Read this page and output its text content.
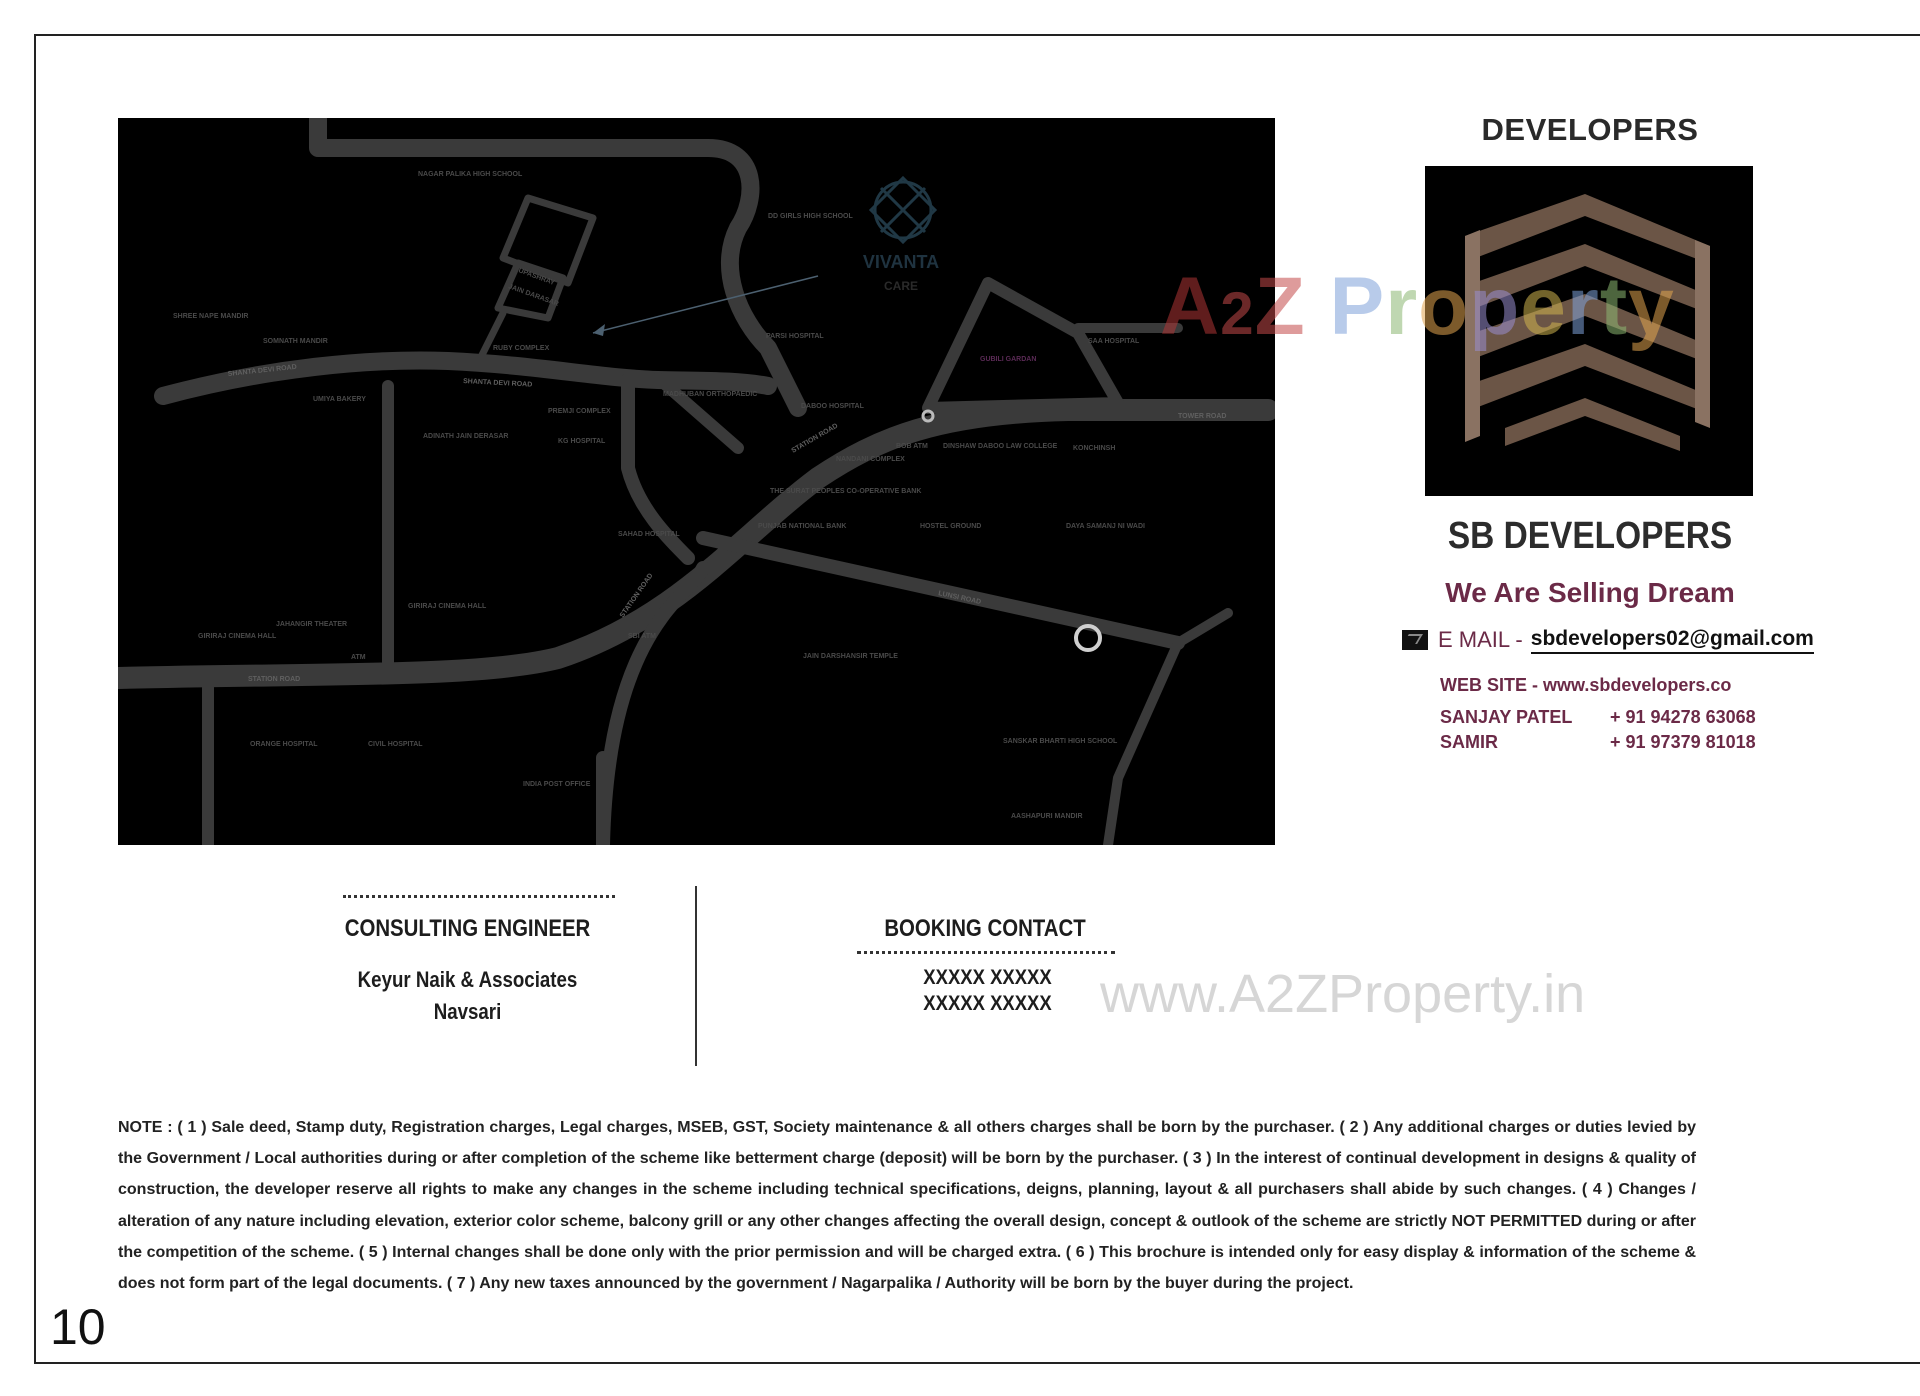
VIVANTA
CARE
SHANTA DEVI ROAD
SHANTA DEVI ROAD
STATION ROAD
STATION ROAD
STATION ROAD
TOWER ROAD
LUNSI ROAD
NAGAR PALIKA HIGH SCHOOL
DD GIRLS HIGH SCHOOL
UPASHRAY
JAIN DARASAR
SHREE NAPE MANDIR
SOMNATH MANDIR
RUBY COMPLEX
PARSI HOSPITAL
GUBILI GARDAN
SAA HOSPITAL
UMIYA BAKERY
PREMJI COMPLEX
MADHUBAN ORTHOPAEDIC
DABOO HOSPITAL
ADINATH JAIN DERASAR
KG HOSPITAL
BOB ATM DINSHAW DABOO LAW COLLEGE
NANDANI COMPLEX
KONCHINSH
THE SURAT PEOPLES CO-OPERATIVE BANK
PUNJAB NATIONAL BANK	HOSTEL GROUND	DAYA SAMANJ NI WADI
SAHAD HOSPITAL
GIRIRAJ CINEMA HALL
JAHANGIR THEATER
GIRIRAJ CINEMA HALL
ATM
SBI ATM
JAIN DARSHANSIR TEMPLE
ORANGE HOSPITAL	CIVIL HOSPITAL
INDIA POST OFFICE
SANSKAR BHARTI HIGH SCHOOL
AASHAPURI MANDIR
DEVELOPERS
SB DEVELOPERS
We Are Selling Dream
E MAIL - sbdevelopers02@gmail.com
WEB SITE - www.sbdevelopers.co
SANJAY PATEL + 91 94278 63068
SAMIR	+ 91 97379 81018
A2Z Property
www.A2ZProperty.in
CONSULTING ENGINEER
Keyur Naik & Associates
Navsari
BOOKING CONTACT
XXXXX XXXXX
XXXXX XXXXX
NOTE : ( 1 ) Sale deed, Stamp duty, Registration charges, Legal charges, MSEB, GST, Society maintenance & all others charges shall be born by the purchaser. ( 2 ) Any additional charges or duties levied by the Government / Local authorities during or after completion of the scheme like betterment charge (deposit) will be born by the purchaser. ( 3 ) In the interest of continual development in designs & quality of construction, the developer reserve all rights to make any changes in the scheme including technical specifications, deigns, planning, layout & all purchasers shall abide by such changes. ( 4 ) Changes / alteration of any nature including elevation, exterior color scheme, balcony grill or any other changes affecting the overall design, concept & outlook of the scheme are strictly NOT PERMITTED during or after the competition of the scheme. ( 5 ) Internal changes shall be done only with the prior permission and will be charged extra. ( 6 ) This brochure is intended only for easy display & information of the scheme & does not form part of the legal documents. ( 7 ) Any new taxes announced by the government / Nagarpalika / Authority will be born by the buyer during the project.
10
